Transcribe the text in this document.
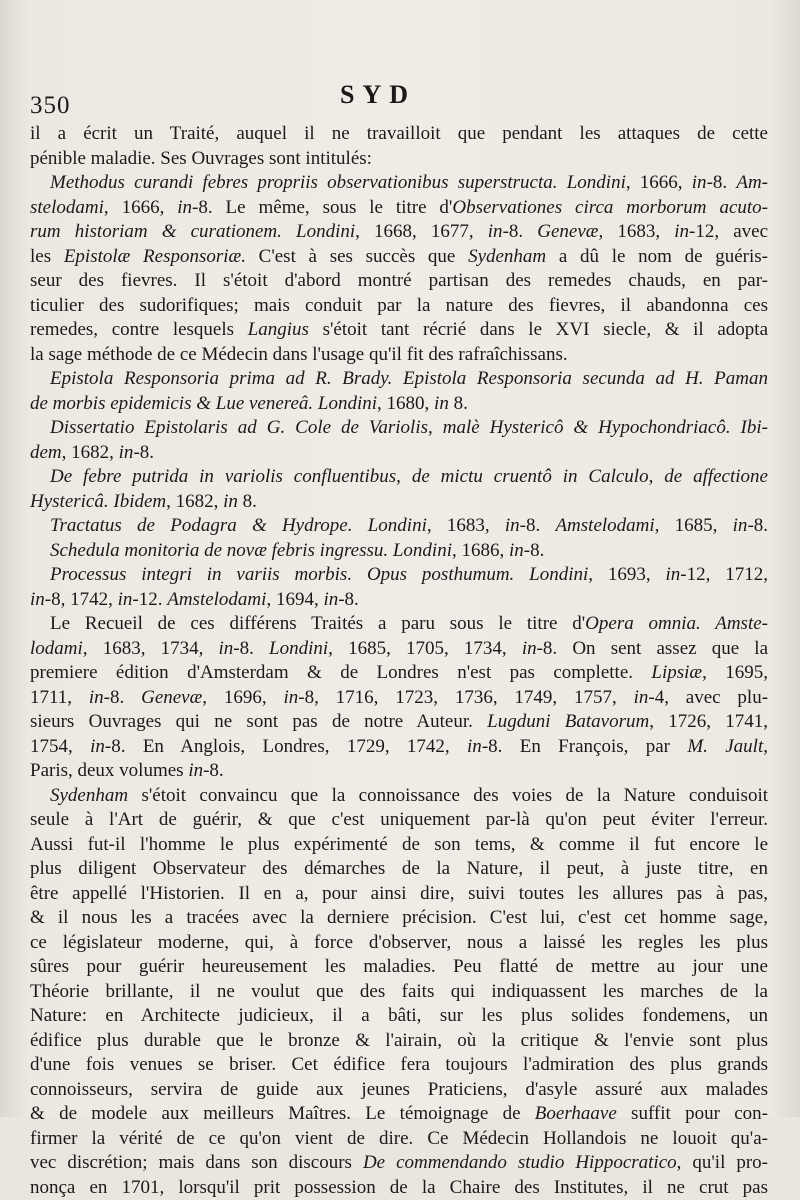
350	SYD
il a écrit un Traité, auquel il ne travailloit que pendant les attaques de cette
pénible maladie. Ses Ouvrages sont intitulés:
Methodus curandi febres propriis observationibus superstructa. Londini, 1666, in-8. Am-
stelodami, 1666, in-8. Le même, sous le titre d'Observationes circa morborum acuto-
rum historiam & curationem. Londini, 1668, 1677, in-8. Genevæ, 1683, in-12, avec
les Epistolæ Responsoriæ. C'est à ses succès que Sydenham a dû le nom de guéris-
seur des fievres. Il s'étoit d'abord montré partisan des remedes chauds, en par-
ticulier des sudorifiques; mais conduit par la nature des fievres, il abandonna ces
remedes, contre lesquels Langius s'étoit tant récrié dans le XVI siecle, & il adopta
la sage méthode de ce Médecin dans l'usage qu'il fit des rafraîchissans.
Epistola Responsoria prima ad R. Brady. Epistola Responsoria secunda ad H. Paman
de morbis epidemicis & Lue venereâ. Londini, 1680, in 8.
Dissertatio Epistolaris ad G. Cole de Variolis, malè Hystericô & Hypochondriacô. Ibi-
dem, 1682, in-8.
De febre putrida in variolis confluentibus, de mictu cruentô in Calculo, de affectione
Hystericâ. Ibidem, 1682, in 8.
Tractatus de Podagra & Hydrope. Londini, 1683, in-8. Amstelodami, 1685, in-8.
Schedula monitoria de novæ febris ingressu. Londini, 1686, in-8.
Processus integri in variis morbis. Opus posthumum. Londini, 1693, in-12, 1712,
in-8, 1742, in-12. Amstelodami, 1694, in-8.
Le Recueil de ces différens Traités a paru sous le titre d'Opera omnia. Amste-
lodami, 1683, 1734, in-8. Londini, 1685, 1705, 1734, in-8. On sent assez que la
premiere édition d'Amsterdam & de Londres n'est pas complette. Lipsiæ, 1695,
1711, in-8. Genevæ, 1696, in-8, 1716, 1723, 1736, 1749, 1757, in-4, avec plu-
sieurs Ouvrages qui ne sont pas de notre Auteur. Lugduni Batavorum, 1726, 1741,
1754, in-8. En Anglois, Londres, 1729, 1742, in-8. En François, par M. Jault,
Paris, deux volumes in-8.
Sydenham s'étoit convaincu que la connoissance des voies de la Nature conduisoit
seule à l'Art de guérir, & que c'est uniquement par-là qu'on peut éviter l'erreur.
Aussi fut-il l'homme le plus expérimenté de son tems, & comme il fut encore le
plus diligent Observateur des démarches de la Nature, il peut, à juste titre, en
être appellé l'Historien. Il en a, pour ainsi dire, suivi toutes les allures pas à pas,
& il nous les a tracées avec la derniere précision. C'est lui, c'est cet homme sage,
ce législateur moderne, qui, à force d'observer, nous a laissé les regles les plus
sûres pour guérir heureusement les maladies. Peu flatté de mettre au jour une
Théorie brillante, il ne voulut que des faits qui indiquassent les marches de la
Nature: en Architecte judicieux, il a bâti, sur les plus solides fondemens, un
édifice plus durable que le bronze & l'airain, où la critique & l'envie sont plus
d'une fois venues se briser. Cet édifice fera toujours l'admiration des plus grands
connoisseurs, servira de guide aux jeunes Praticiens, d'asyle assuré aux malades
& de modele aux meilleurs Maîtres. Le témoignage de Boerhaave suffit pour con-
firmer la vérité de ce qu'on vient de dire. Ce Médecin Hollandois ne louoit qu'a-
vec discrétion; mais dans son discours De commendando studio Hippocratico, qu'il pro-
nonça en 1701, lorsqu'il prit possession de la Chaire des Institutes, il ne crut pas
